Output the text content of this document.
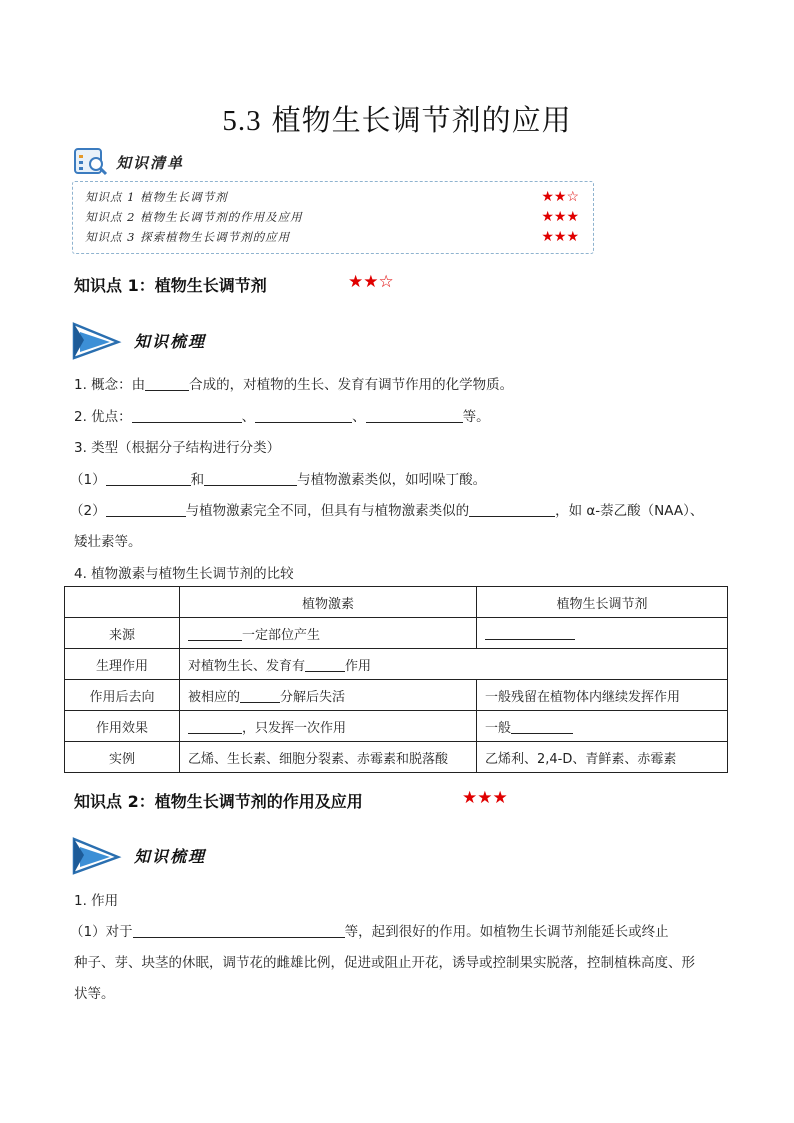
5.3 植物生长调节剂的应用
知识清单
知识点 1 植物生长调节剂	★★☆
知识点 2 植物生长调节剂的作用及应用	★★★
知识点 3 探索植物生长调节剂的应用	★★★
知识点 1：植物生长调节剂	★★☆
知识梳理
1. 概念：由	合成的，对植物的生长、发育有调节作用的化学物质。
2. 优点：	、	、	等。
3. 类型（根据分子结构进行分类）
（1）	和	与植物激素类似，如吲哚丁酸。
（2）	与植物激素完全不同，但具有与植物激素类似的	，如 α-萘乙酸（NAA）、
矮壮素等。
4. 植物激素与植物生长调节剂的比较
	植物激素	植物生长调节剂
来源	一定部位产生	
生理作用	对植物生长、发育有 作用	
作用后去向	被相应的 分解后失活	一般残留在植物体内继续发挥作用
作用效果	，只发挥一次作用	一般
实例	乙烯、生长素、细胞分裂素、赤霉素和脱落酸	乙烯利、2,4-D、青鲜素、赤霉素
知识点 2：植物生长调节剂的作用及应用	★★★
知识梳理
1. 作用
（1）对于	等，起到很好的作用。如植物生长调节剂能延长或终止
种子、芽、块茎的休眠，调节花的雌雄比例，促进或阻止开花，诱导或控制果实脱落，控制植株高度、形
状等。
